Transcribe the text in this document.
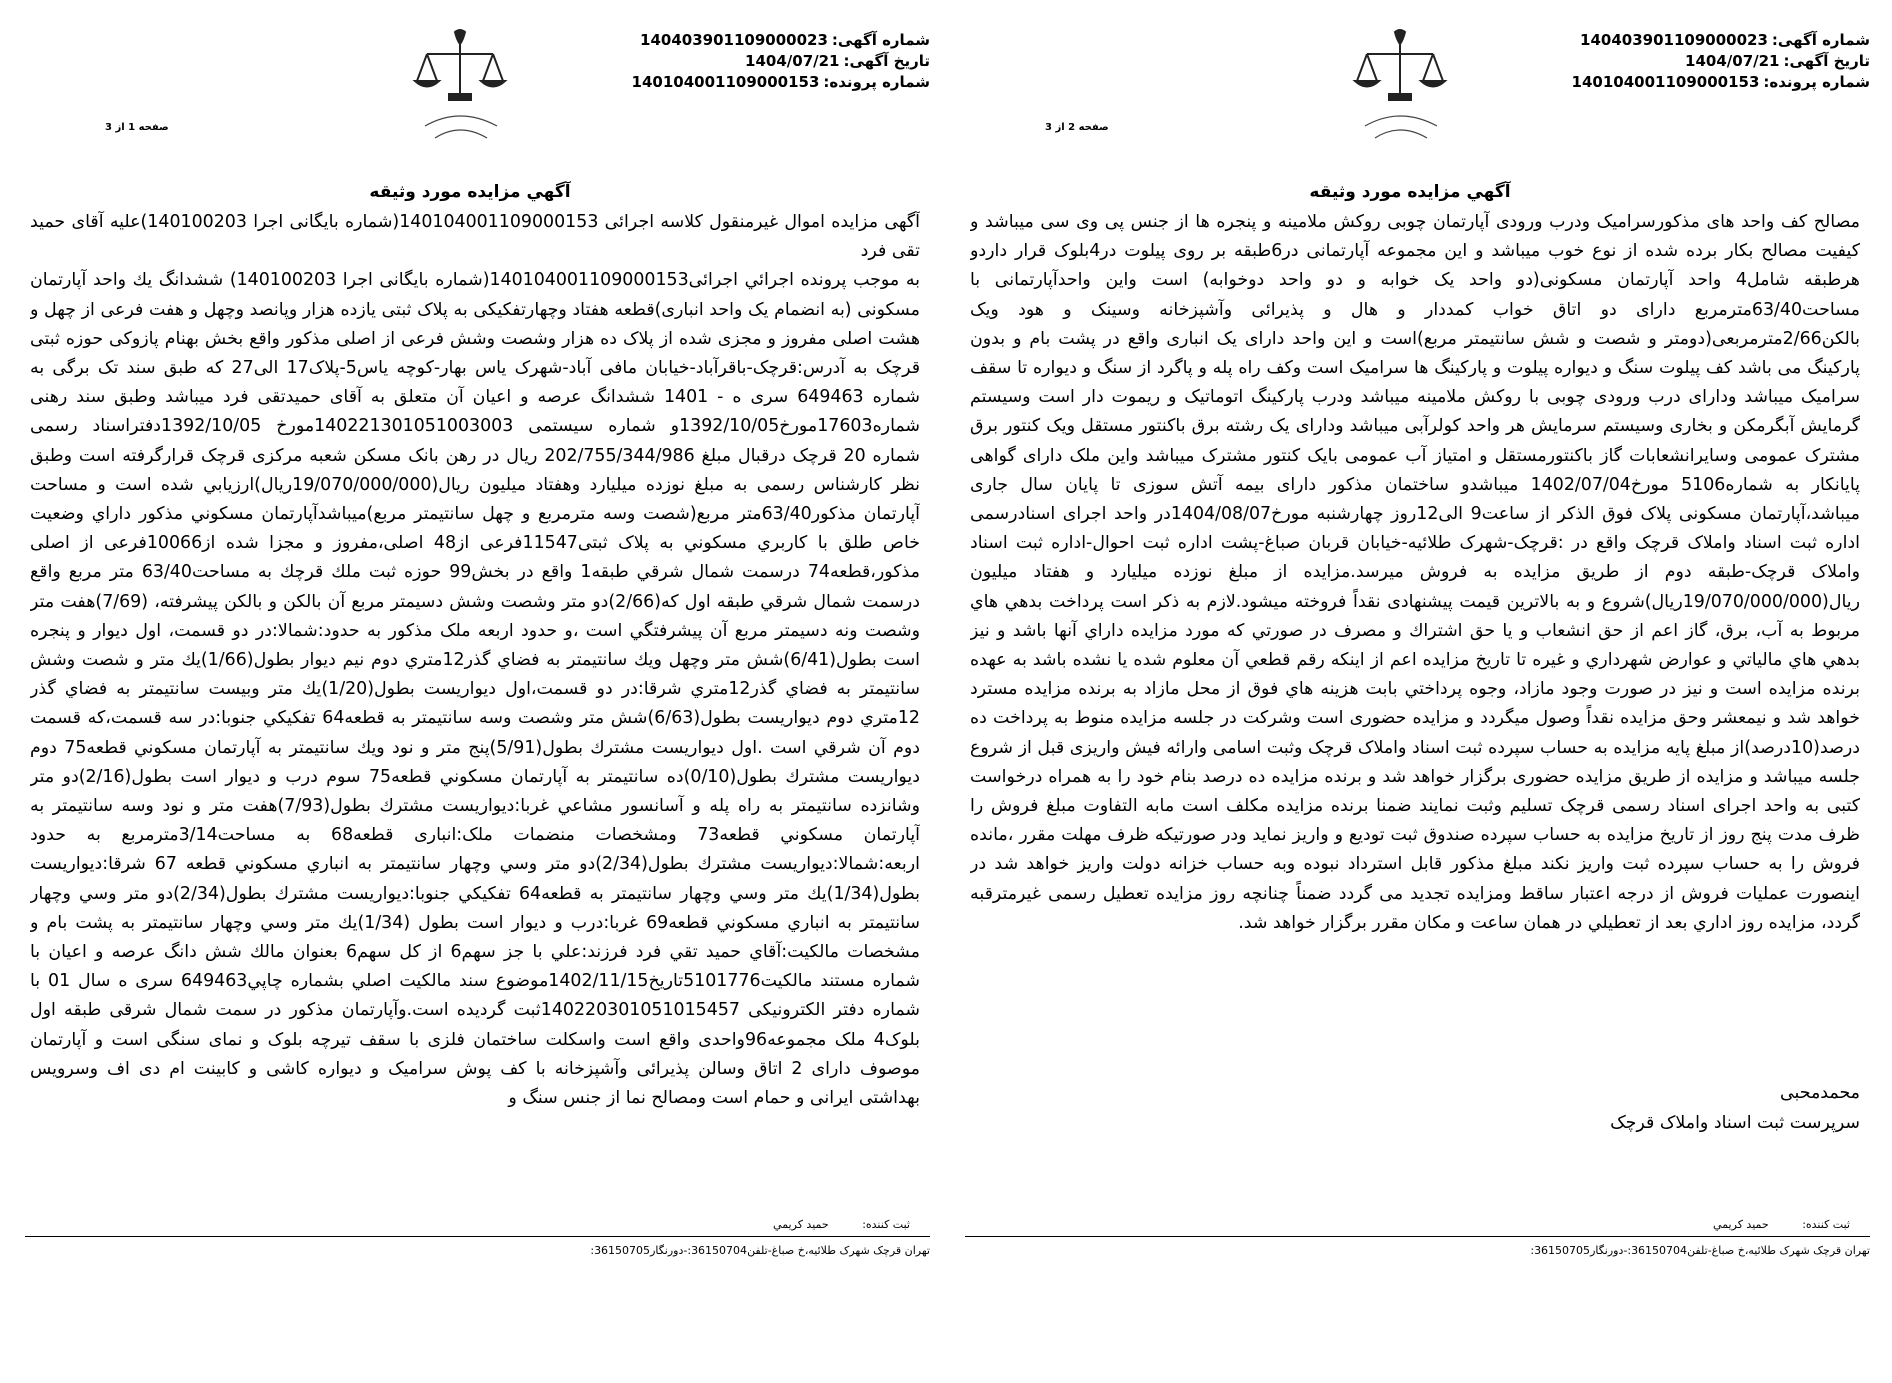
شماره آگهی:140403901109000023
تاریخ آگهی:1404/07/21
شماره پرونده:140104001109000153
صفحه 1 از 3
آگهي مزايده مورد وثيقه

آگهی مزایده اموال غیرمنقول کلاسه اجرائی 140104001109000153(شماره بایگانی اجرا 140100203)علیه آقای حمید تقی فرد
به موجب پرونده اجرائي اجرائی140104001109000153(شماره بایگانی اجرا 140100203) ششدانگ يك واحد آپارتمان مسكونی (به انضمام یک واحد انباری)قطعه هفتاد وچهارتفکیکی به پلاک ثبتی یازده هزار وپانصد وچهل و هفت فرعی از چهل و هشت اصلی مفروز و مجزی شده از پلاک ده هزار وشصت وشش فرعی از اصلی مذکور واقع بخش بهنام پازوکی حوزه ثبتی قرچک به آدرس:قرچک-باقرآباد-خیابان مافی آباد-شهرک یاس بهار-کوچه یاس5-پلاک17 الی27 که طبق سند تک برگی به شماره 649463 سری ه - 1401 ششدانگ عرصه و اعیان آن متعلق به آقای حمیدتقی فرد میباشد وطبق سند رهنی شماره17603مورخ1392/10/05و شماره سیستمی 140221301051003003مورخ 1392/10/05دفتراسناد رسمی شماره 20 قرچک درقبال مبلغ 202/755/344/986 ریال در رهن بانک مسکن شعبه مرکزی قرچک قرارگرفته است وطبق نظر کارشناس رسمی به مبلغ نوزده میلیارد وهفتاد میلیون ريال(19/070/000/000ريال)ارزيابي شده است و مساحت آپارتمان مذكور63/40متر مربع(شصت وسه مترمربع و چهل سانتيمتر مربع)ميباشدآپارتمان مسكوني مذكور داراي وضعيت خاص طلق با كاربري مسكوني به پلاک ثبتی11547فرعی از48 اصلی،مفروز و مجزا شده از10066فرعی از اصلی مذکور،قطعه74 درسمت شمال شرقي طبقه1 واقع در بخش99 حوزه ثبت ملك قرچك به مساحت63/40 متر مربع واقع درسمت شمال شرقي طبقه اول كه(2/66)دو متر وشصت وشش دسيمتر مربع آن بالكن و بالكن پيشرفته، (7/69)هفت متر وشصت ونه دسيمتر مربع آن پيشرفتگي است ،و حدود اربعه ملک مذکور به حدود:شمالا:در دو قسمت، اول ديوار و پنجره است بطول(6/41)شش متر وچهل ويك سانتيمتر به فضاي گذر12متري دوم نيم ديوار بطول(1/66)يك متر و شصت وشش سانتيمتر به فضاي گذر12متري شرقا:در دو قسمت،اول ديواريست بطول(1/20)يك متر وبيست سانتيمتر به فضاي گذر 12متري دوم ديواريست بطول(6/63)شش متر وشصت وسه سانتيمتر به قطعه64 تفكيكي جنوبا:در سه قسمت،كه قسمت دوم آن شرقي است .اول ديواريست مشترك بطول(5/91)پنج متر و نود ويك سانتيمتر به آپارتمان مسكوني قطعه75 دوم ديواريست مشترك بطول(0/10)ده سانتيمتر به آپارتمان مسكوني قطعه75 سوم درب و ديوار است بطول(2/16)دو متر وشانزده سانتيمتر به راه پله و آسانسور مشاعي غربا:ديواريست مشترك بطول(7/93)هفت متر و نود وسه سانتيمتر به آپارتمان مسكوني قطعه73 ومشخصات منضمات ملک:انباری قطعه68 به مساحت3/14مترمربع به حدود اربعه:شمالا:ديواريست مشترك بطول(2/34)دو متر وسي وچهار سانتيمتر به انباري مسكوني قطعه 67 شرقا:ديواريست بطول(1/34)يك متر وسي وچهار سانتيمتر به قطعه64 تفكيكي جنوبا:ديواريست مشترك بطول(2/34)دو متر وسي وچهار سانتيمتر به انباري مسكوني قطعه69 غربا:درب و ديوار است بطول (1/34)يك متر وسي وچهار سانتيمتر به پشت بام و مشخصات مالکیت:آقاي حميد تقي فرد فرزند:علي با جز سهم6 از كل سهم6 بعنوان مالك شش دانگ عرصه و اعيان با شماره مستند مالكيت5101776تاريخ1402/11/15موضوع سند مالكيت اصلي بشماره چاپي649463 سری ه سال 01 با شماره دفتر الکترونیکی 140220301051015457ثبت گردیده است.وآپارتمان مذکور در سمت شمال شرقی طبقه اول بلوک4 ملک مجموعه96واحدی واقع است واسکلت ساختمان فلزی با سقف تیرچه بلوک و نمای سنگی است و آپارتمان موصوف دارای 2 اتاق وسالن پذیرائی وآشپزخانه با کف پوش سرامیک و دیواره کاشی و کابینت ام دی اف وسرویس بهداشتی ایرانی و حمام است ومصالح نما از جنس سنگ و

ثبت کننده: حميد كريمي
تهران قرچک شهرک طلائیه،خ صباغ-تلفن36150704:-دورنگار36150705:
شماره آگهی:140403901109000023
تاریخ آگهی:1404/07/21
شماره پرونده:140104001109000153
صفحه 2 از 3
آگهي مزايده مورد وثيقه

مصالح کف واحد های مذکورسرامیک ودرب ورودی آپارتمان چوبی روکش ملامینه و پنجره ها از جنس پی وی سی میباشد و کیفیت مصالح بکار برده شده از نوع خوب میباشد و این مجموعه آپارتمانی در6طبقه بر روی پیلوت در4بلوک قرار داردو هرطبقه شامل4 واحد آپارتمان مسکونی(دو واحد یک خوابه و دو واحد دوخوابه) است واین واحدآپارتمانی با مساحت63/40مترمربع دارای دو اتاق خواب کمددار و هال و پذیرائی وآشپزخانه وسینک و هود ویک بالکن2/66مترمربعی(دومتر و شصت و شش سانتیمتر مربع)است و این واحد دارای یک انباری واقع در پشت بام و بدون پارکینگ می باشد کف پیلوت سنگ و دیواره پیلوت و پارکینگ ها سرامیک است وکف راه پله و پاگرد از سنگ و دیواره تا سقف سرامیک میباشد ودارای درب ورودی چوبی با روکش ملامینه میباشد ودرب پارکینگ اتوماتیک و ریموت دار است وسیستم گرمایش آبگرمکن و بخاری وسیستم سرمایش هر واحد کولرآبی میباشد ودارای یک رشته برق باکنتور مستقل ویک کنتور برق مشترک عمومی وسایرانشعابات گاز باکنتورمستقل و امتیاز آب عمومی بایک کنتور مشترک میباشد واین ملک دارای گواهی پایانکار به شماره5106 مورخ1402/07/04 میباشدو ساختمان مذکور دارای بیمه آتش سوزی تا پایان سال جاری میباشد،آپارتمان مسکونی پلاک فوق الذکر از ساعت9 الی12روز چهارشنبه مورخ1404/08/07در واحد اجرای اسنادرسمی اداره ثبت اسناد واملاک قرچک واقع در :قرچک-شهرک طلائیه-خیابان قربان صباغ-پشت اداره ثبت احوال-اداره ثبت اسناد واملاک قرچک-طبقه دوم از طریق مزایده به فروش میرسد.مزایده از مبلغ نوزده میلیارد و هفتاد میلیون ریال(19/070/000/000ریال)شروع و به بالاترین قیمت پیشنهادی نقداً فروخته میشود.لازم به ذکر است پرداخت بدهي هاي مربوط به آب، برق، گاز اعم از حق انشعاب و يا حق اشتراك و مصرف در صورتي كه مورد مزايده داراي آنها باشد و نيز بدهي هاي مالياتي و عوارض شهرداري و غيره تا تاريخ مزايده اعم از اينكه رقم قطعي آن معلوم شده يا نشده باشد به عهده برنده مزايده است و نيز در صورت وجود مازاد، وجوه پرداختي بابت هزينه هاي فوق از محل مازاد به برنده مزايده مسترد خواهد شد و نیمعشر وحق مزایده نقداً وصول میگردد و مزایده حضوری است وشرکت در جلسه مزایده منوط به پرداخت ده درصد(10درصد)از مبلغ پایه مزایده به حساب سپرده ثبت اسناد واملاک قرچک وثبت اسامی وارائه فیش واریزی قبل از شروع جلسه میباشد و مزایده از طریق مزایده حضوری برگزار خواهد شد و برنده مزایده ده درصد بنام خود را به همراه درخواست کتبی به واحد اجرای اسناد رسمی قرچک تسلیم وثبت نمایند ضمنا برنده مزایده مکلف است مابه التفاوت مبلغ فروش را ظرف مدت پنج روز از تاریخ مزایده به حساب سپرده صندوق ثبت تودیع و واریز نماید ودر صورتیکه ظرف مهلت مقرر ،مانده فروش را به حساب سپرده ثبت واریز نکند مبلغ مذکور قابل استرداد نبوده وبه حساب خزانه دولت واریز خواهد شد در اینصورت عملیات فروش از درجه اعتبار ساقط ومزایده تجدید می گردد ضمناً چنانچه روز مزایده تعطیل رسمی غیرمترقبه گردد، مزایده روز اداري بعد از تعطيلي در همان ساعت و مكان مقرر برگزار خواهد شد.

محمدمحبی
سرپرست ثبت اسناد واملاک قرچک
ثبت کننده: حميد كريمي
تهران قرچک شهرک طلائیه،خ صباغ-تلفن36150704:-دورنگار36150705:
